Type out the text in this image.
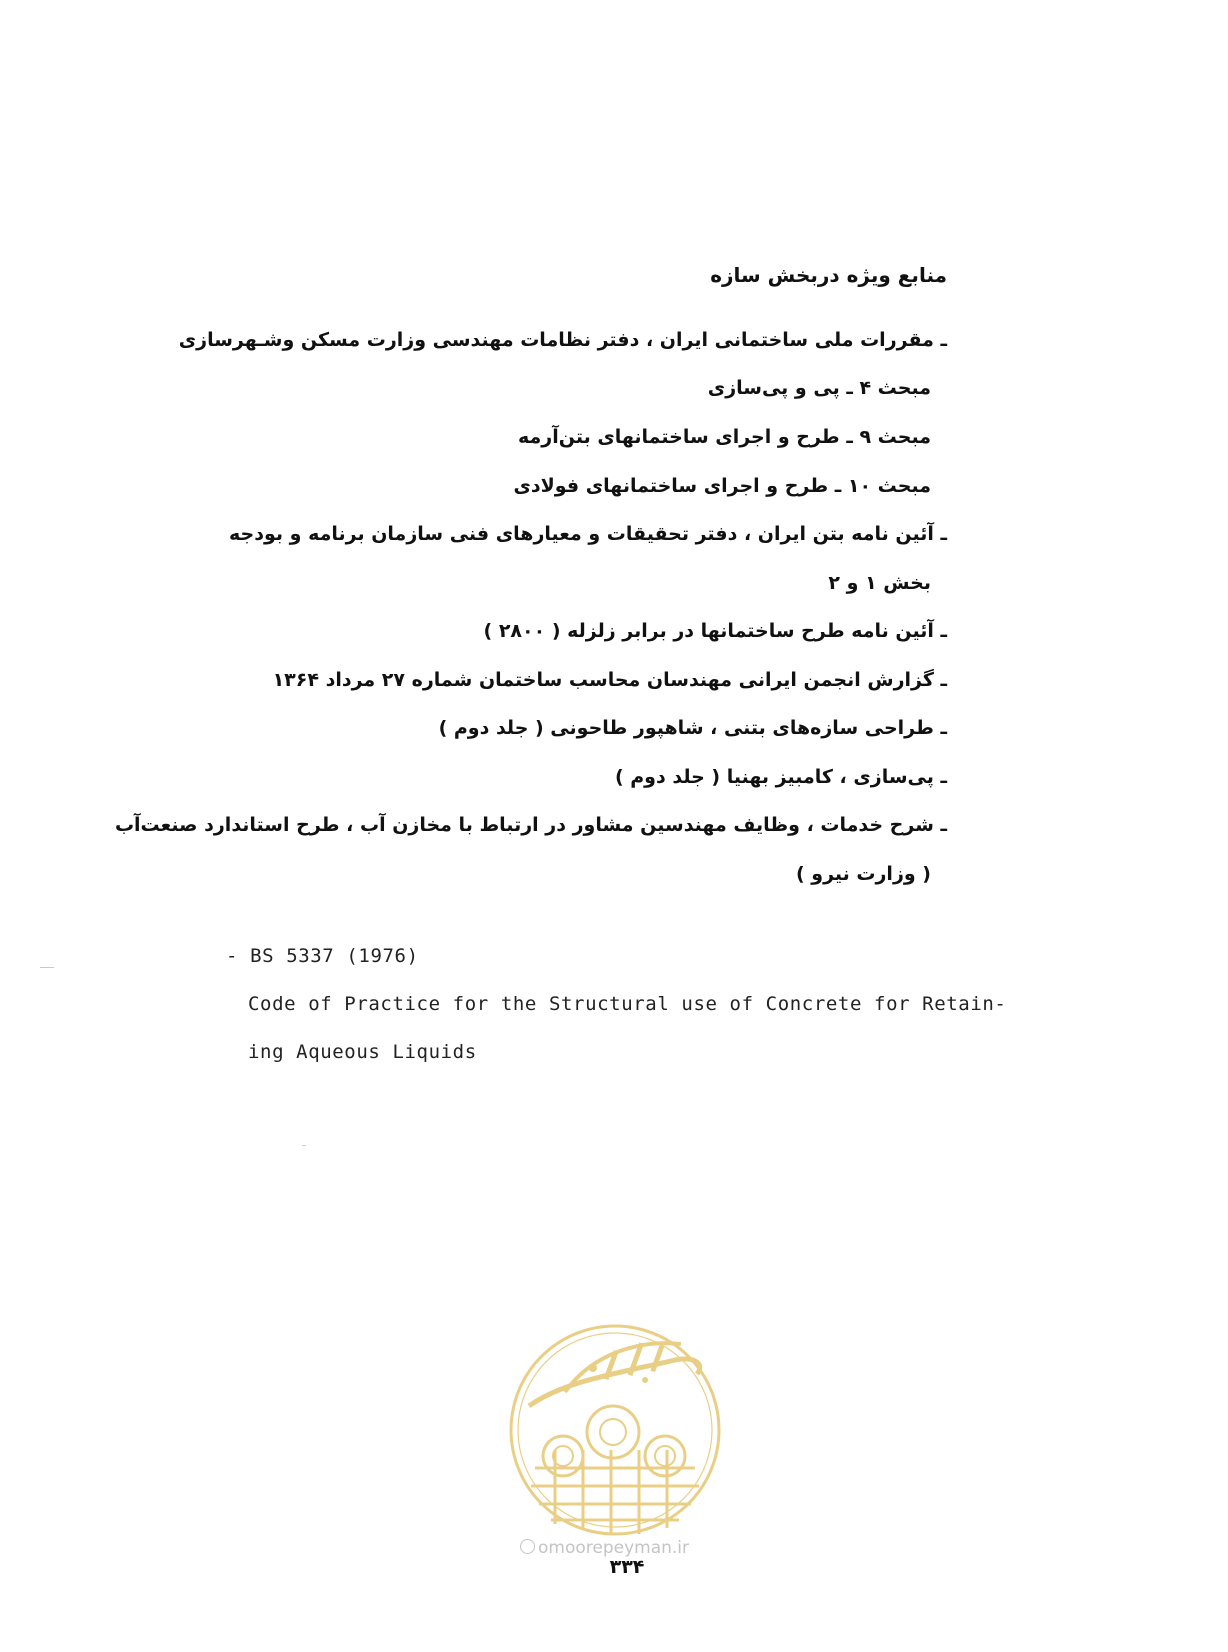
منابع ویژه دربخش سازه
ـ مقررات ملی ساختمانی ایران ، دفتر نظامات مهندسی وزارت مسکن وشـهرسازی
مبحث ۴ ـ پی و پی‌سازی
مبحث ۹ ـ طرح و اجرای ساختمانهای بتن‌آرمه
مبحث ۱۰ ـ طرح و اجرای ساختمانهای فولادی
ـ آئین نامه بتن ایران ، دفتر تحقیقات و معیارهای فنی سازمان برنامه و بودجه
بخش ۱ و ۲
ـ آئین نامه طرح ساختمانها در برابر زلزله ( ۲۸۰۰ )
ـ گزارش انجمن ایرانی مهندسان محاسب ساختمان شماره ۲۷ مرداد ۱۳۶۴
ـ طراحی سازه‌های بتنی ، شاهپور طاحونی ( جلد دوم )
ـ پی‌سازی ، کامبیز بهنیا ( جلد دوم )
ـ شرح خدمات ، وظایف مهندسین مشاور در ارتباط با مخازن آب ، طرح استاندارد صنعت‌آب
( وزارت نیرو )
- BS 5337 (1976)
Code of Practice for the Structural use of Concrete for Retain-
ing Aqueous Liquids
omoorepeyman.ir
۳۳۴
